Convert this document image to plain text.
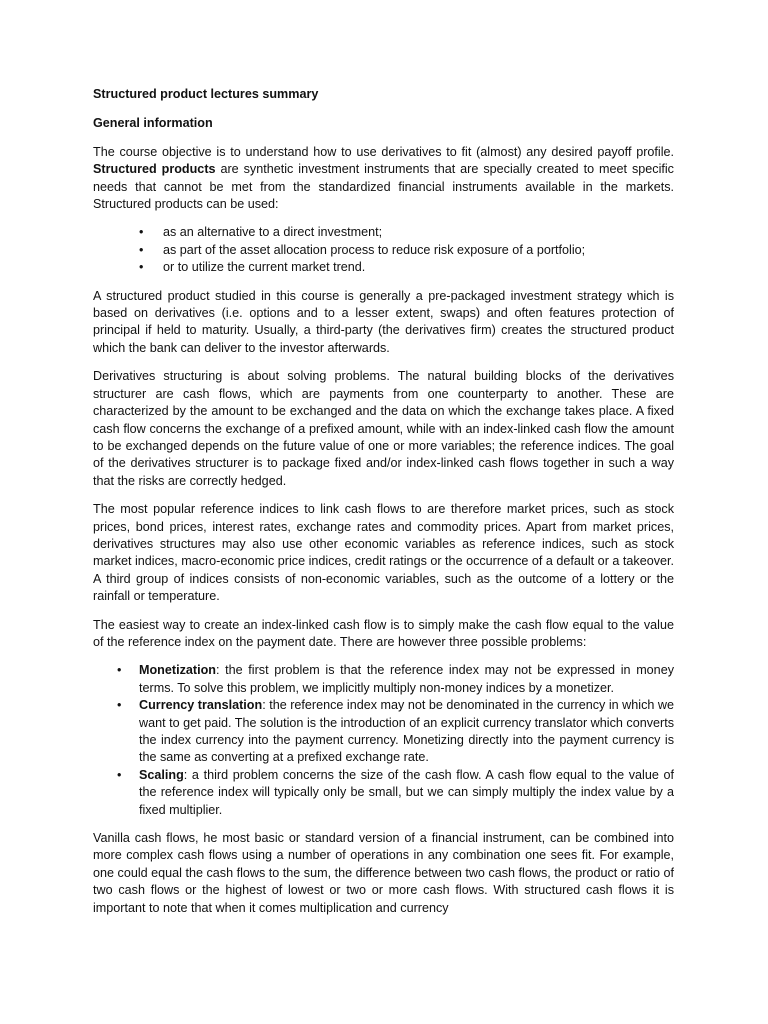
Structured product lectures summary
General information

The course objective is to understand how to use derivatives to fit (almost) any desired payoff profile. Structured products are synthetic investment instruments that are specially created to meet specific needs that cannot be met from the standardized financial instruments available in the markets. Structured products can be used:

• as an alternative to a direct investment;
• as part of the asset allocation process to reduce risk exposure of a portfolio;
• or to utilize the current market trend.

A structured product studied in this course is generally a pre-packaged investment strategy which is based on derivatives (i.e. options and to a lesser extent, swaps) and often features protection of principal if held to maturity. Usually, a third-party (the derivatives firm) creates the structured product which the bank can deliver to the investor afterwards.

Derivatives structuring is about solving problems. The natural building blocks of the derivatives structurer are cash flows, which are payments from one counterparty to another. These are characterized by the amount to be exchanged and the data on which the exchange takes place. A fixed cash flow concerns the exchange of a prefixed amount, while with an index-linked cash flow the amount to be exchanged depends on the future value of one or more variables; the reference indices. The goal of the derivatives structurer is to package fixed and/or index-linked cash flows together in such a way that the risks are correctly hedged.

The most popular reference indices to link cash flows to are therefore market prices, such as stock prices, bond prices, interest rates, exchange rates and commodity prices. Apart from market prices, derivatives structures may also use other economic variables as reference indices, such as stock market indices, macro-economic price indices, credit ratings or the occurrence of a default or a takeover. A third group of indices consists of non-economic variables, such as the outcome of a lottery or the rainfall or temperature.

The easiest way to create an index-linked cash flow is to simply make the cash flow equal to the value of the reference index on the payment date. There are however three possible problems:

• Monetization: the first problem is that the reference index may not be expressed in money terms. To solve this problem, we implicitly multiply non-money indices by a monetizer.
• Currency translation: the reference index may not be denominated in the currency in which we want to get paid. The solution is the introduction of an explicit currency translator which converts the index currency into the payment currency. Monetizing directly into the payment currency is the same as converting at a prefixed exchange rate.
• Scaling: a third problem concerns the size of the cash flow. A cash flow equal to the value of the reference index will typically only be small, but we can simply multiply the index value by a fixed multiplier.

Vanilla cash flows, he most basic or standard version of a financial instrument, can be combined into more complex cash flows using a number of operations in any combination one sees fit. For example, one could equal the cash flows to the sum, the difference between two cash flows, the product or ratio of two cash flows or the highest of lowest or two or more cash flows. With structured cash flows it is important to note that when it comes multiplication and currency
